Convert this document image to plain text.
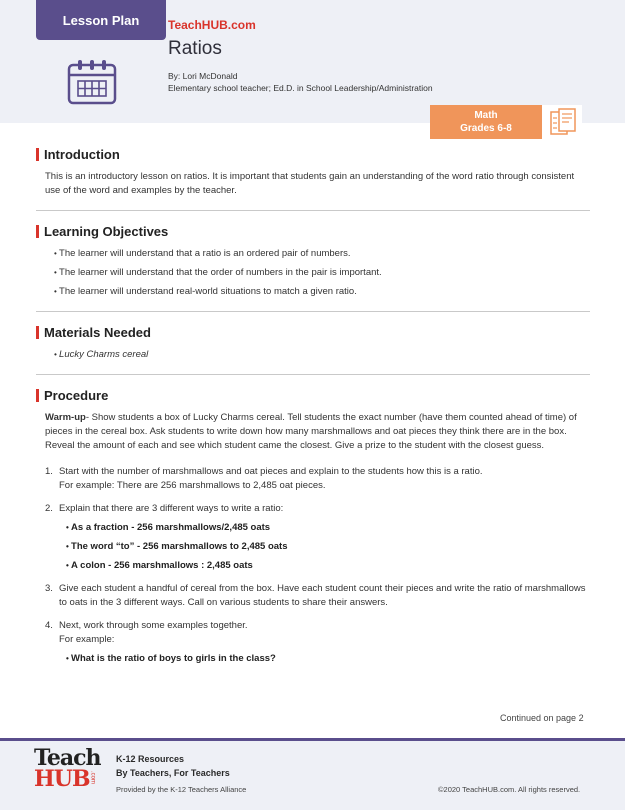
Lesson Plan	TeachHUB.com
Ratios
By: Lori McDonald
Elementary school teacher; Ed.D. in School Leadership/Administration
Math
Grades 6-8
Introduction

This is an introductory lesson on ratios. It is important that students gain an understanding of the word ratio through consistent use of the word and examples by the teacher.

Learning Objectives
• The learner will understand that a ratio is an ordered pair of numbers.
• The learner will understand that the order of numbers in the pair is important.
• The learner will understand real-world situations to match a given ratio.
Materials Needed
• Lucky Charms cereal
Procedure

Warm-up- Show students a box of Lucky Charms cereal. Tell students the exact number (have them counted ahead of time) of pieces in the cereal box. Ask students to write down how many marshmallows and oat pieces they think there are in the box. Reveal the amount of each and see which student came the closest. Give a prize to the student with the closest guess.

1. Start with the number of marshmallows and oat pieces and explain to the students how this is a ratio.
For example: There are 256 marshmallows to 2,485 oat pieces.
2. Explain that there are 3 different ways to write a ratio:
• As a fraction - 256 marshmallows/2,485 oats
• The word “to” - 256 marshmallows to 2,485 oats
• A colon - 256 marshmallows : 2,485 oats
3. Give each student a handful of cereal from the box. Have each student count their pieces and write the ratio of marshmallows to oats in the 3 different ways. Call on various students to share their answers.
4. Next, work through some examples together.
For example:
• What is the ratio of boys to girls in the class?
Continued on page 2
Teach
HUB.com
K-12 Resources
By Teachers, For Teachers
Provided by the K-12 Teachers Alliance	©2020 TeachHUB.com. All rights reserved.
